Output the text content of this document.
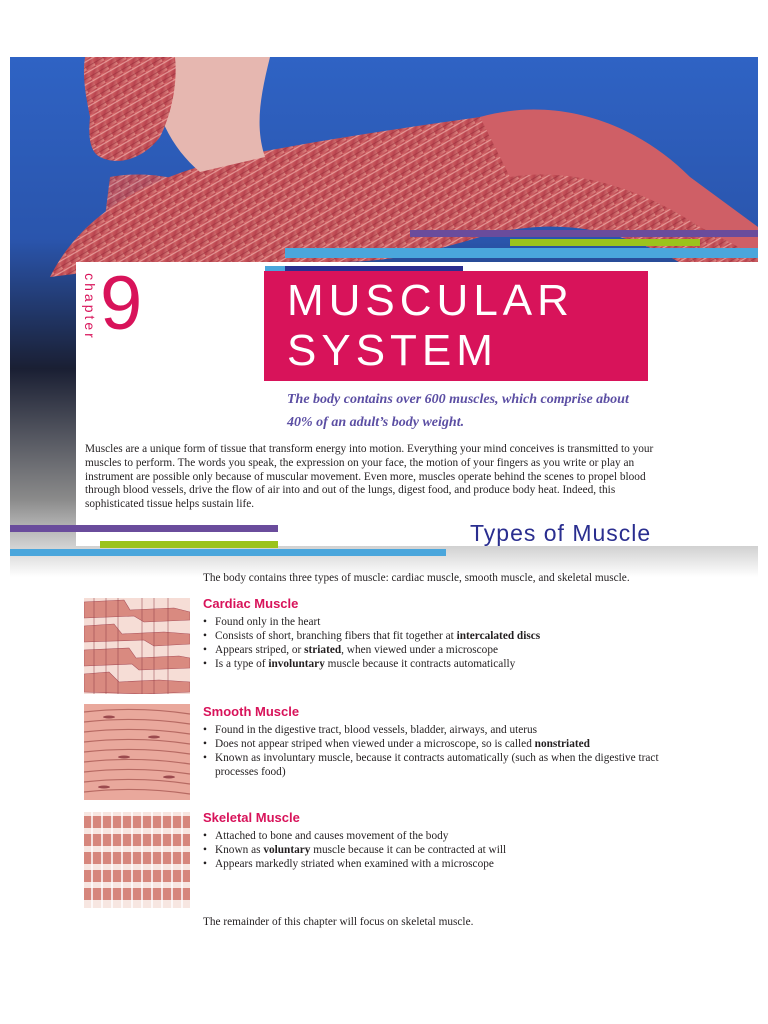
chapter 9	MUSCULAR
SYSTEM
The body contains over 600 muscles, which comprise about 40% of an adult’s body weight.
Muscles are a unique form of tissue that transform energy into motion. Everything your mind conceives is transmitted to your muscles to perform. The words you speak, the expression on your face, the motion of your fingers as you write or play an instrument are possible only because of muscular movement. Even more, muscles operate behind the scenes to propel blood through blood vessels, drive the flow of air into and out of the lungs, digest food, and produce body heat. Indeed, this sophisticated tissue helps sustain life.
Types of Muscle
The body contains three types of muscle: cardiac muscle, smooth muscle, and skeletal muscle.
Cardiac Muscle
Smooth Muscle
Skeletal Muscle
• Found only in the heart
• Consists of short, branching fibers that fit together at intercalated discs
• Appears striped, or striated, when viewed under a microscope
• Is a type of involuntary muscle because it contracts automatically
• Found in the digestive tract, blood vessels, bladder, airways, and uterus
• Does not appear striped when viewed under a microscope, so is called nonstriated
• Known as involuntary muscle, because it contracts automatically (such as when the digestive tract processes food)
• Attached to bone and causes movement of the body
• Known as voluntary muscle because it can be contracted at will
• Appears markedly striated when examined with a microscope
The remainder of this chapter will focus on skeletal muscle.
